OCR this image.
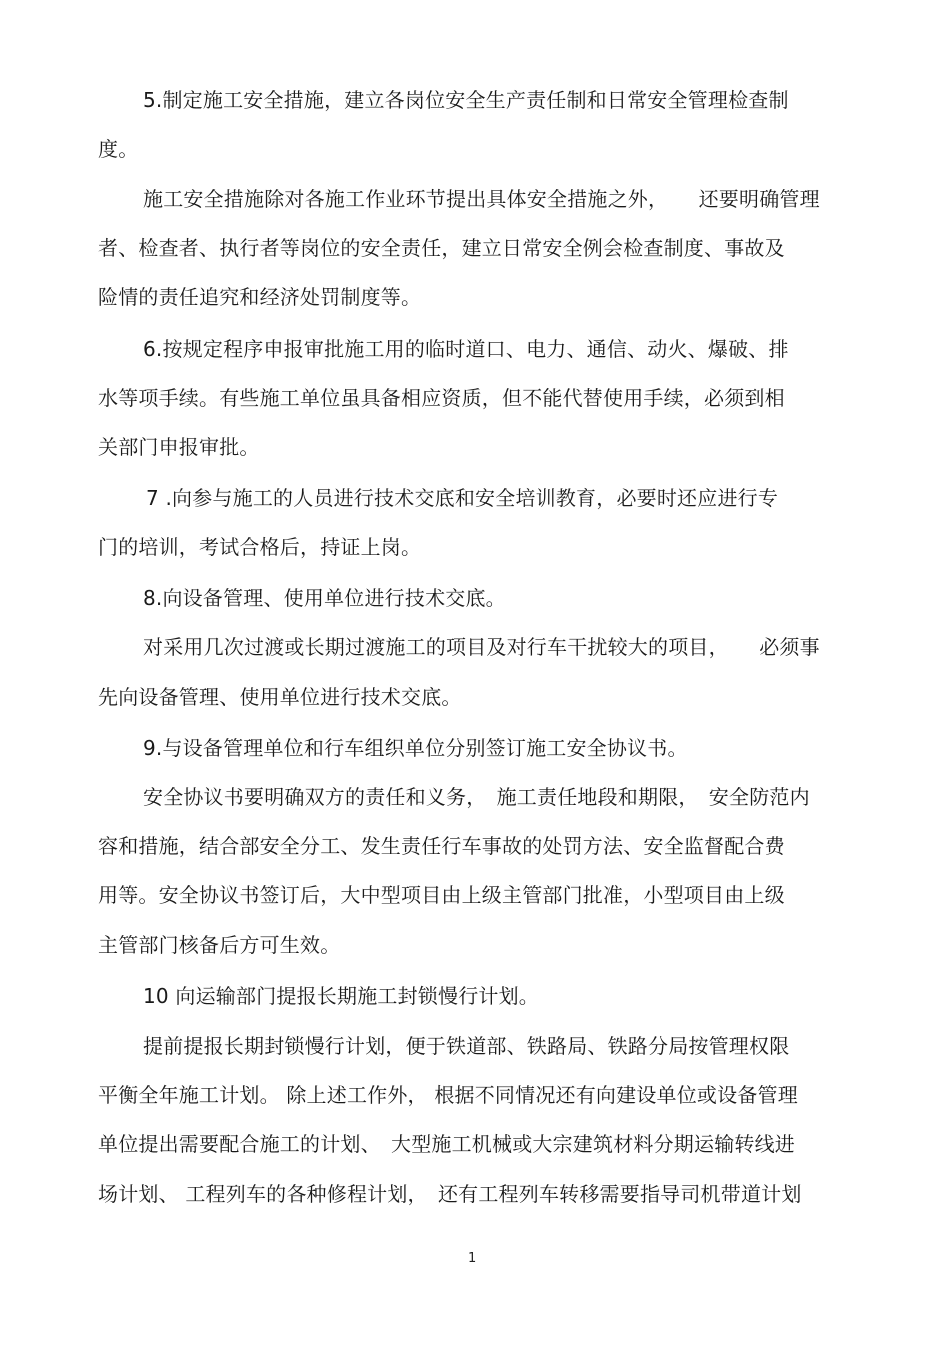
5.制定施工安全措施，建立各岗位安全生产责任制和日常安全管理检查制
度。
施工安全措施除对各施工作业环节提出具体安全措施之外，　　还要明确管理
者、检查者、执行者等岗位的安全责任，建立日常安全例会检查制度、事故及
险情的责任追究和经济处罚制度等。
6.按规定程序申报审批施工用的临时道口、电力、通信、动火、爆破、排
水等项手续。有些施工单位虽具备相应资质，但不能代替使用手续，必须到相
关部门申报审批。
7 .向参与施工的人员进行技术交底和安全培训教育，必要时还应进行专
门的培训，考试合格后，持证上岗。
8.向设备管理、使用单位进行技术交底。
对采用几次过渡或长期过渡施工的项目及对行车干扰较大的项目，　　必须事
先向设备管理、使用单位进行技术交底。
9.与设备管理单位和行车组织单位分别签订施工安全协议书。
安全协议书要明确双方的责任和义务，　施工责任地段和期限，　安全防范内
容和措施，结合部安全分工、发生责任行车事故的处罚方法、安全监督配合费
用等。安全协议书签订后，大中型项目由上级主管部门批准，小型项目由上级
主管部门核备后方可生效。
10 向运输部门提报长期施工封锁慢行计划。
提前提报长期封锁慢行计划，便于铁道部、铁路局、铁路分局按管理权限
平衡全年施工计划。 除上述工作外， 根据不同情况还有向建设单位或设备管理
单位提出需要配合施工的计划、　大型施工机械或大宗建筑材料分期运输转线进
场计划、 工程列车的各种修程计划，　还有工程列车转移需要指导司机带道计划
1
